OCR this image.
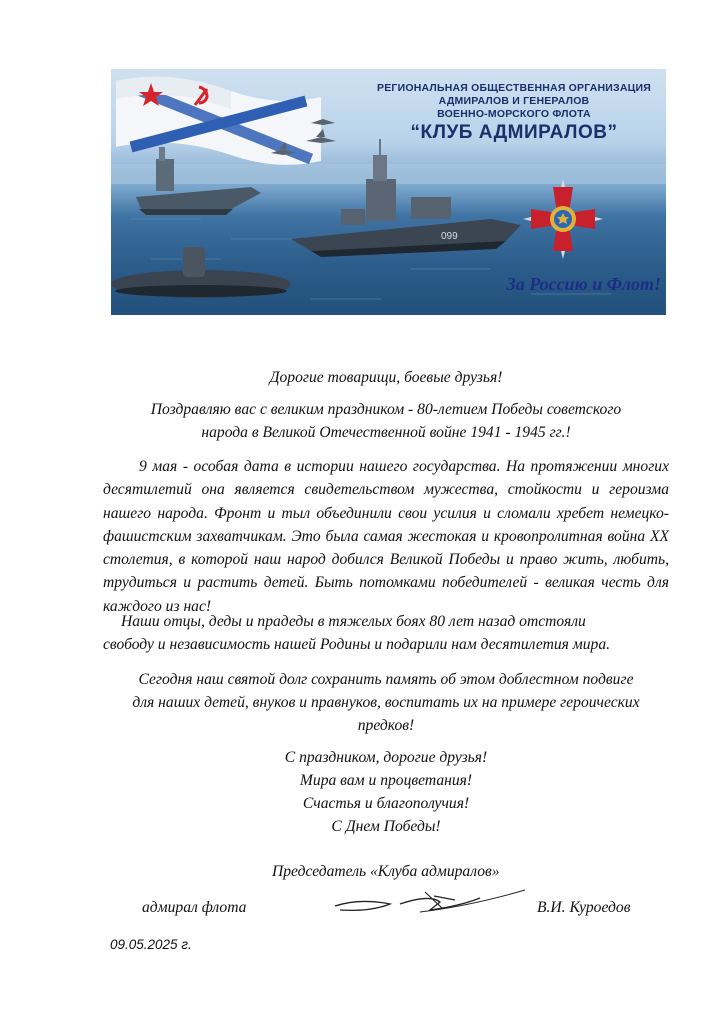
099
РЕГИОНАЛЬНАЯ ОБЩЕСТВЕННАЯ ОРГАНИЗАЦИЯ
АДМИРАЛОВ И ГЕНЕРАЛОВ
ВОЕННО-МОРСКОГО ФЛОТА
“КЛУБ АДМИРАЛОВ”
За Россию и Флот!
Дорогие товарищи, боевые друзья!
Поздравляю вас с великим праздником - 80-летием Победы советского
народа в Великой Отечественной войне 1941 - 1945 гг.!
9 мая - особая дата в истории нашего государства. На протяжении многих десятилетий она является свидетельством мужества, стойкости и героизма нашего народа. Фронт и тыл объединили свои усилия и сломали хребет немецко-фашистским захватчикам. Это была самая жестокая и кровопролитная война XX столетия, в которой наш народ добился Великой Победы и право жить, любить, трудиться и растить детей. Быть потомками победителей - великая честь для каждого из нас!
Наши отцы, деды и прадеды в тяжелых боях 80 лет назад отстояли
свободу и независимость нашей Родины и подарили нам десятилетия мира.
Сегодня наш святой долг сохранить память об этом доблестном подвиге
для наших детей, внуков и правнуков, воспитать их на примере героических
предков!
С праздником, дорогие друзья!
Мира вам и процветания!
Счастья и благополучия!
С Днем Победы!
Председатель «Клуба адмиралов»
адмирал флота	В.И. Куроедов
09.05.2025 г.
